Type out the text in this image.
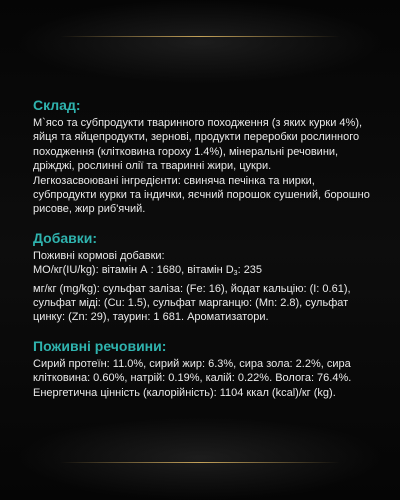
Склад:

М`ясо та субпродукти тваринного походження (з яких курки 4%), яйця та яйцепродукти, зернові, продукти переробки рослинного походження (клітковина гороху 1.4%), мінеральні речовини, дріжджі, рослинні олії та тваринні жири, цукри.
Легкозасвоювані інгредієнти: свиняча печінка та нирки, субпродукти курки та індички, яєчний порошок сушений, борошно рисове, жир риб'ячий.

Добавки:
Поживні кормові добавки:
МО/кг(IU/kg): вітамін А : 1680, вітамін $D_3$: 235
мг/кг (mg/kg): сульфат заліза: (Fe: 16), йодат кальцію: (I: 0.61), сульфат міді: (Cu: 1.5), сульфат марганцю: (Mn: 2.8), сульфат цинку: (Zn: 29), таурин: 1 681. Ароматизатори.
Поживні речовини:

Сирий протеїн: 11.0%, сирий жир: 6.3%, сира зола: 2.2%, сира клітковина: 0.60%, натрій: 0.19%, калій: 0.22%. Волога: 76.4%.
Енергетична цінність (калорійність): 1104 ккал (kcal)/кг (kg).
